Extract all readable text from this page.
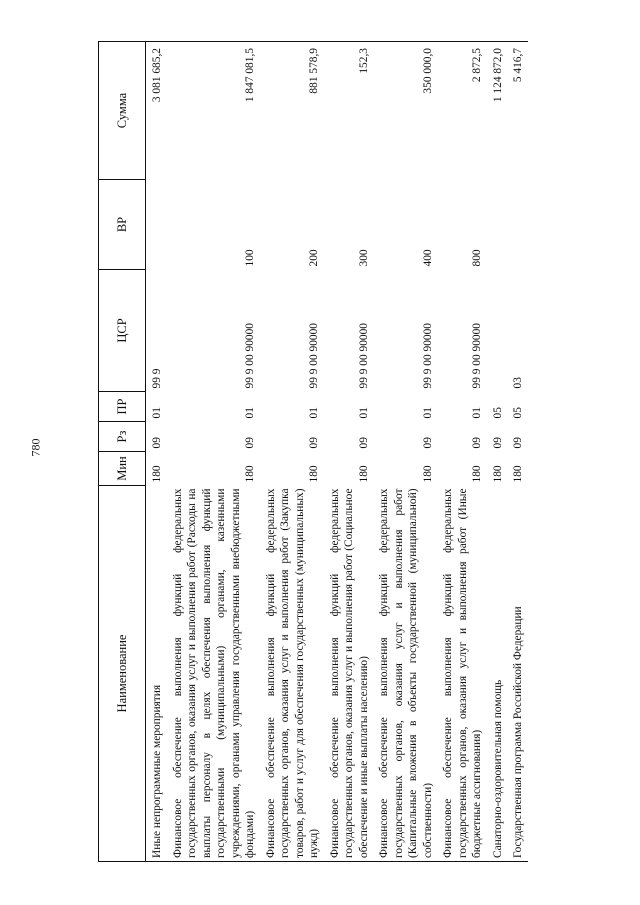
780
Наименование	Мин	Рз	ПР	ЦСР	ВР	Сумма
Иные непрограммные мероприятия	180	09	01	99 9		3 081 685,2
Финансовое обеспечение выполнения функций федеральных государственных органов, оказания услуг и выполнения работ (Расходы на выплаты персоналу в целях обеспечения выполнения функций государственными (муниципальными) органами, казенными учреждениями, органами управления государственными внебюджетными фондами)	180	09	01	99 9 00 90000	100	1 847 081,5
Финансовое обеспечение выполнения функций федеральных государственных органов, оказания услуг и выполнения работ (Закупка товаров, работ и услуг для обеспечения государственных (муниципальных) нужд)	180	09	01	99 9 00 90000	200	881 578,9
Финансовое обеспечение выполнения функций федеральных государственных органов, оказания услуг и выполнения работ (Социальное обеспечение и иные выплаты населению)	180	09	01	99 9 00 90000	300	152,3
Финансовое обеспечение выполнения функций федеральных государственных органов, оказания услуг и выполнения работ (Капитальные вложения в объекты государственной (муниципальной) собственности)	180	09	01	99 9 00 90000	400	350 000,0
Финансовое обеспечение выполнения функций федеральных государственных органов, оказания услуг и выполнения работ (Иные бюджетные ассигнования)	180	09	01	99 9 00 90000	800	2 872,5
Санаторно-оздоровительная помощь	180	09	05			1 124 872,0
Государственная программа Российской Федерации	180	09	05	03		5 416,7
